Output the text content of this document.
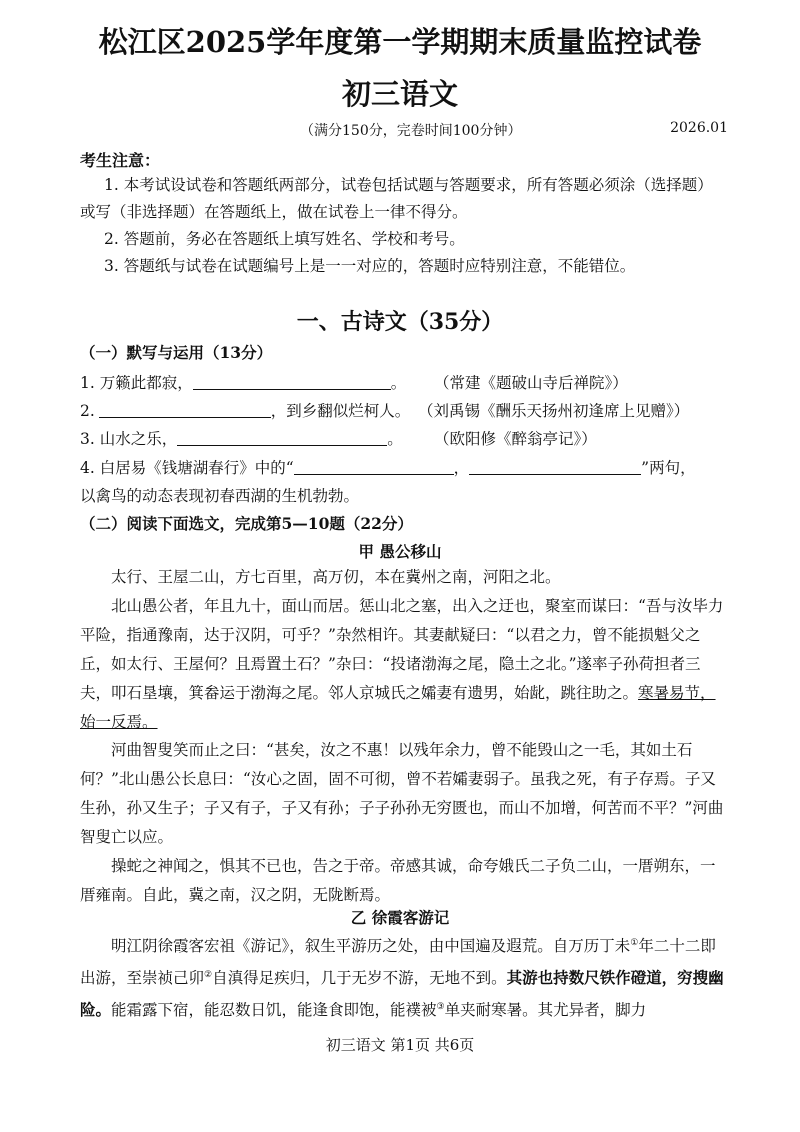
松江区2025学年度第一学期期末质量监控试卷
初三语文
（满分150分，完卷时间100分钟）	2026.01
考生注意：
1. 本考试设试卷和答题纸两部分，试卷包括试题与答题要求，所有答题必须涂（选择题）
或写（非选择题）在答题纸上，做在试卷上一律不得分。
2. 答题前，务必在答题纸上填写姓名、学校和考号。
3. 答题纸与试卷在试题编号上是一一对应的，答题时应特别注意，不能错位。
一、古诗文（35分）
（一）默写与运用（13分）
1. 万籁此都寂，	。 （常建《题破山寺后禅院》）
2.	，到乡翻似烂柯人。 （刘禹锡《酬乐天扬州初逢席上见赠》）
3. 山水之乐，	。 （欧阳修《醉翁亭记》）
4. 白居易《钱塘湖春行》中的“	，	”两句，
以禽鸟的动态表现初春西湖的生机勃勃。
（二）阅读下面选文，完成第5—10题（22分）
甲 愚公移山
太行、王屋二山，方七百里，高万仞，本在冀州之南，河阳之北。
北山愚公者，年且九十，面山而居。惩山北之塞，出入之迂也，聚室而谋曰：“吾与汝毕力平险，指通豫南，达于汉阴，可乎？”杂然相许。其妻献疑曰：“以君之力，曾不能损魁父之丘，如太行、王屋何？且焉置土石？”杂曰：“投诸渤海之尾，隐土之北。”遂率子孙荷担者三夫，叩石垦壤，箕畚运于渤海之尾。邻人京城氏之孀妻有遗男，始龀，跳往助之。寒暑易节，始一反焉。
河曲智叟笑而止之曰：“甚矣，汝之不惠！以残年余力，曾不能毁山之一毛，其如土石何？”北山愚公长息曰：“汝心之固，固不可彻，曾不若孀妻弱子。虽我之死，有子存焉。子又生孙，孙又生子；子又有子，子又有孙；子子孙孙无穷匮也，而山不加增，何苦而不平？”河曲智叟亡以应。
操蛇之神闻之，惧其不已也，告之于帝。帝感其诚，命夸娥氏二子负二山，一厝朔东，一厝雍南。自此，冀之南，汉之阴，无陇断焉。
乙 徐霞客游记
明江阴徐霞客宏祖《游记》，叙生平游历之处，由中国遍及遐荒。自万历丁未①年二十二即出游，至崇祯己卯②自滇得足疾归，几于无岁不游，无地不到。其游也持数尺铁作磴道，穷搜幽险。能霜露下宿，能忍数日饥，能逢食即饱，能襆被③单夹耐寒暑。其尤异者，脚力
初三语文 第1页 共6页
